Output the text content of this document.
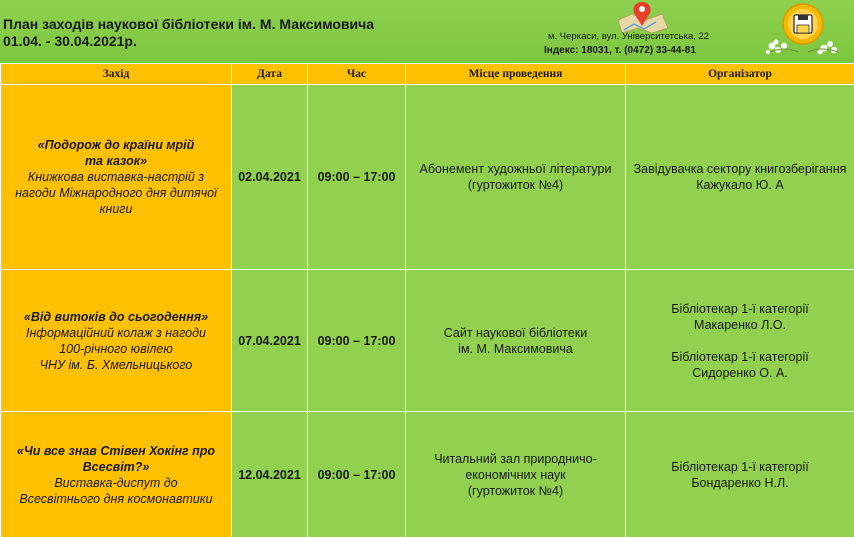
План заходів наукової бібліотеки ім. М. Максимовича
01.04. - 30.04.2021р.	м. Черкаси, вул. Університетська, 22
Індекс: 18031, т. (0472) 33-44-81
Захід	Дата	Час	Місце проведення	Організатор

«Подорож до країни мрій
та казок»
Книжкова виставка-настрій з
нагоди Міжнародного дня дитячої
книги	02.04.2021	09:00 – 17:00	Абонемент художньої літератури
(гуртожиток №4)	Завідувачка сектору книгозберігання
Кажукало Ю. А

«Від витоків до сьогодення»
Інформаційний колаж з нагоди
100-річного ювілею
ЧНУ ім. Б. Хмельницького	07.04.2021	09:00 – 17:00	Сайт наукової бібліотеки
ім. М. Максимовича	Бібліотекар 1-ї категорії
Макаренко Л.О.

Бібліотекар 1-ї категорії
Сидоренко О. А.

«Чи все знав Стівен Хокінг про
Всесвіт?»
Виставка-диспут до
Всесвітнього дня космонавтики	12.04.2021	09:00 – 17:00	Читальний зал природничо-
економічних наук
(гуртожиток №4)	Бібліотекар 1-ї категорії
Бондаренко Н.Л.
